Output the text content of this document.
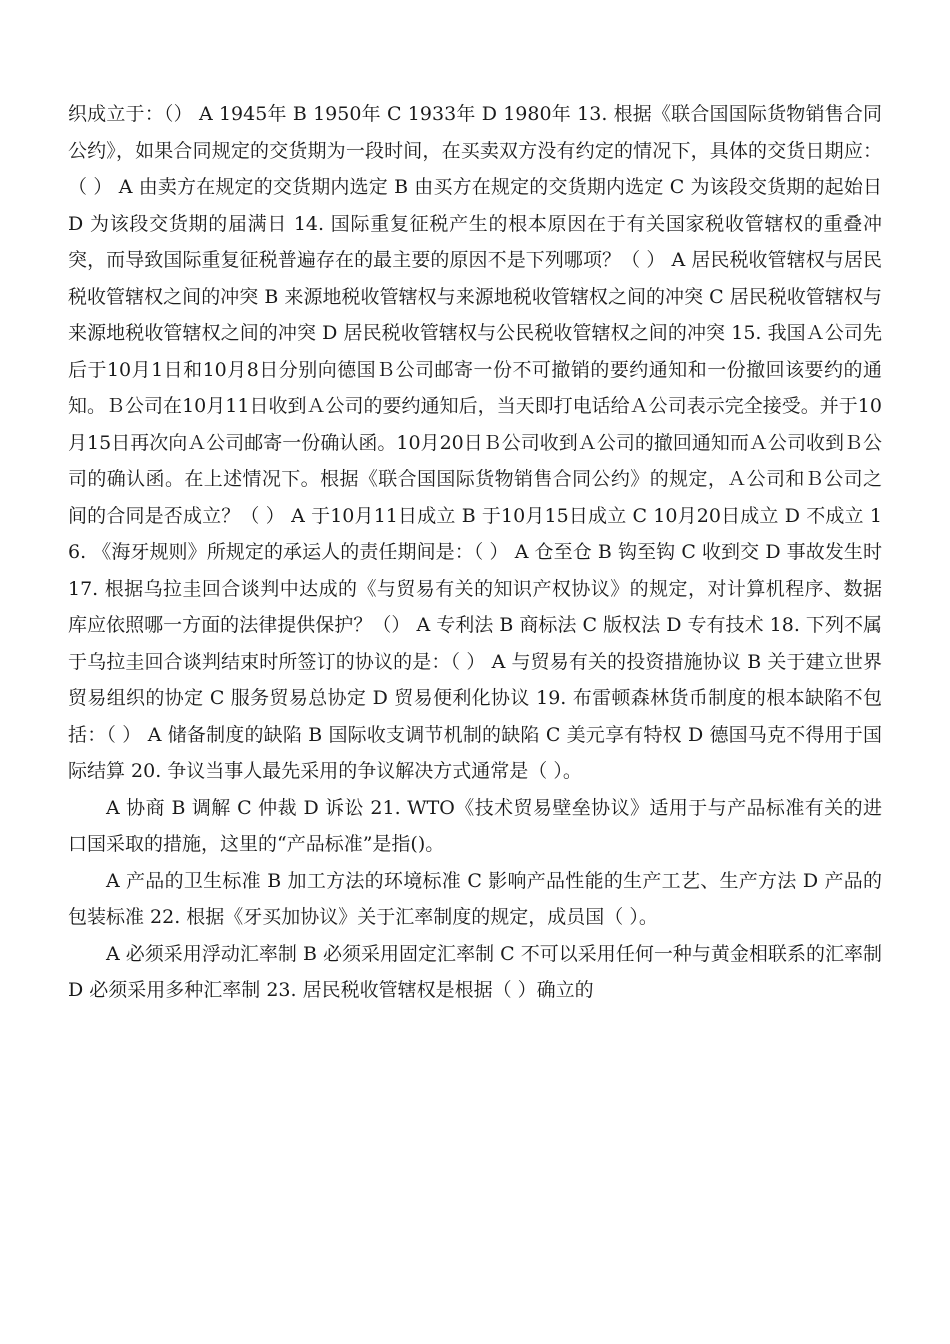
织成立于：（） A 1945年 B 1950年 C 1933年 D 1980年 13. 根据《联合国国际货物销售合同公约》，如果合同规定的交货期为一段时间，在买卖双方没有约定的情况下，具体的交货日期应：（ ） A 由卖方在规定的交货期内选定 B 由买方在规定的交货期内选定 C 为该段交货期的起始日 D 为该段交货期的届满日 14. 国际重复征税产生的根本原因在于有关国家税收管辖权的重叠冲突，而导致国际重复征税普遍存在的最主要的原因不是下列哪项？（ ） A 居民税收管辖权与居民税收管辖权之间的冲突 B 来源地税收管辖权与来源地税收管辖权之间的冲突 C 居民税收管辖权与来源地税收管辖权之间的冲突 D 居民税收管辖权与公民税收管辖权之间的冲突 15. 我国Ａ公司先后于10月1日和10月8日分别向德国Ｂ公司邮寄一份不可撤销的要约通知和一份撤回该要约的通知。Ｂ公司在10月11日收到Ａ公司的要约通知后，当天即打电话给Ａ公司表示完全接受。并于10月15日再次向Ａ公司邮寄一份确认函。10月20日Ｂ公司收到Ａ公司的撤回通知而Ａ公司收到Ｂ公司的确认函。在上述情况下。根据《联合国国际货物销售合同公约》的规定，Ａ公司和Ｂ公司之间的合同是否成立？（ ） A 于10月11日成立 B 于10月15日成立 C 10月20日成立 D 不成立 16. 《海牙规则》所规定的承运人的责任期间是：（ ） A 仓至仓 B 钩至钩 C 收到交 D 事故发生时 17. 根据乌拉圭回合谈判中达成的《与贸易有关的知识产权协议》的规定，对计算机程序、数据库应依照哪一方面的法律提供保护？（） A 专利法 B 商标法 C 版权法 D 专有技术 18. 下列不属于乌拉圭回合谈判结束时所签订的协议的是：（ ） A 与贸易有关的投资措施协议 B 关于建立世界贸易组织的协定 C 服务贸易总协定 D 贸易便利化协议 19. 布雷顿森林货币制度的根本缺陷不包括：（ ） A 储备制度的缺陷 B 国际收支调节机制的缺陷 C 美元享有特权 D 德国马克不得用于国际结算 20. 争议当事人最先采用的争议解决方式通常是（ ）。

A 协商 B 调解 C 仲裁 D 诉讼 21. WTO《技术贸易壁垒协议》适用于与产品标准有关的进口国采取的措施，这里的“产品标准”是指()。

A 产品的卫生标准 B 加工方法的环境标准 C 影响产品性能的生产工艺、生产方法 D 产品的包装标准 22. 根据《牙买加协议》关于汇率制度的规定，成员国（ ）。

A 必须采用浮动汇率制 B 必须采用固定汇率制 C 不可以采用任何一种与黄金相联系的汇率制 D 必须采用多种汇率制 23. 居民税收管辖权是根据（ ）确立的
